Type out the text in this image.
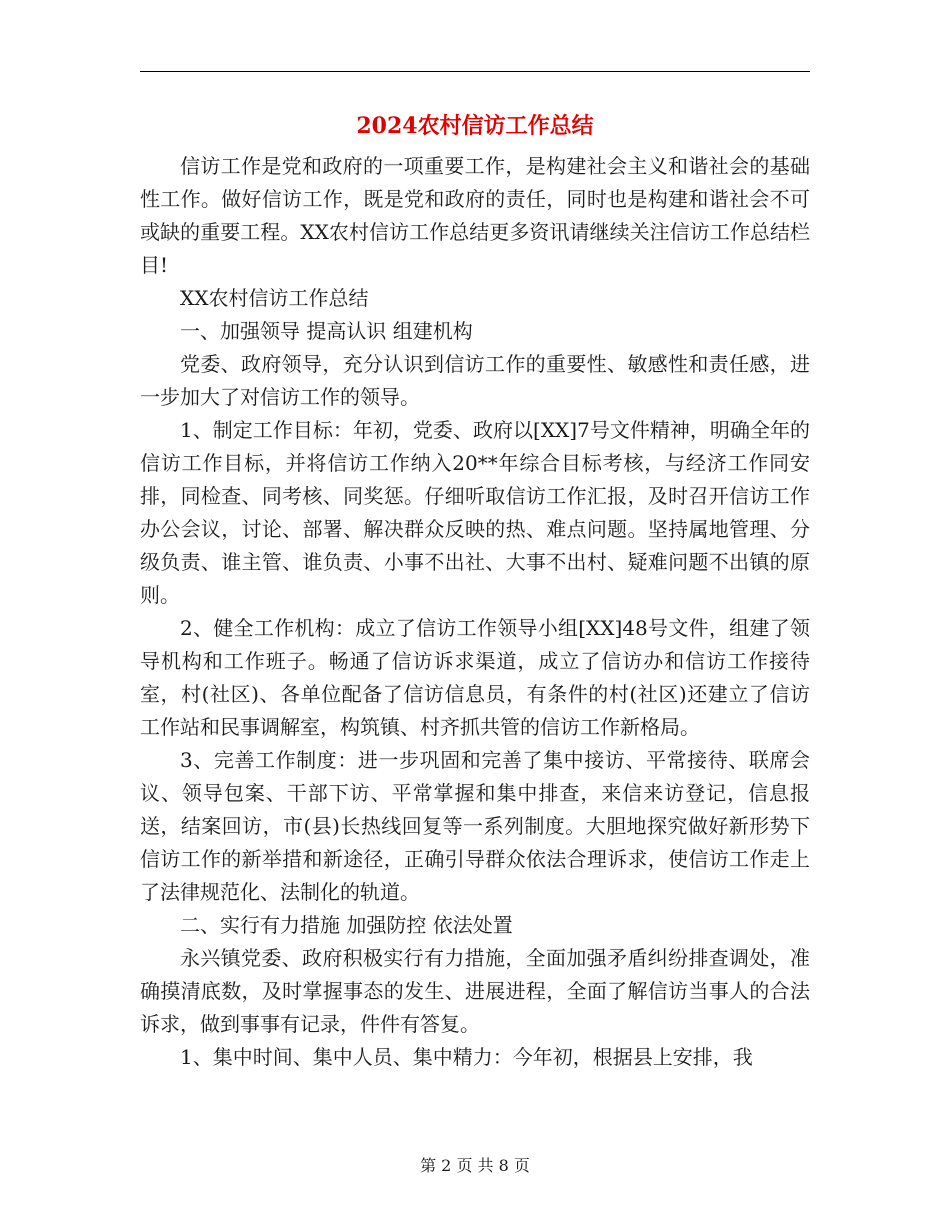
2024农村信访工作总结

信访工作是党和政府的一项重要工作，是构建社会主义和谐社会的基础性工作。做好信访工作，既是党和政府的责任，同时也是构建和谐社会不可或缺的重要工程。XX农村信访工作总结更多资讯请继续关注信访工作总结栏目!

XX农村信访工作总结

一、加强领导 提高认识 组建机构

党委、政府领导，充分认识到信访工作的重要性、敏感性和责任感，进一步加大了对信访工作的领导。

1、制定工作目标：年初，党委、政府以[XX]7号文件精神，明确全年的信访工作目标，并将信访工作纳入20**年综合目标考核，与经济工作同安排，同检查、同考核、同奖惩。仔细听取信访工作汇报，及时召开信访工作办公会议，讨论、部署、解决群众反映的热、难点问题。坚持属地管理、分级负责、谁主管、谁负责、小事不出社、大事不出村、疑难问题不出镇的原则。

2、健全工作机构：成立了信访工作领导小组[XX]48号文件，组建了领导机构和工作班子。畅通了信访诉求渠道，成立了信访办和信访工作接待室，村(社区)、各单位配备了信访信息员，有条件的村(社区)还建立了信访工作站和民事调解室，构筑镇、村齐抓共管的信访工作新格局。

3、完善工作制度：进一步巩固和完善了集中接访、平常接待、联席会议、领导包案、干部下访、平常掌握和集中排查，来信来访登记，信息报送，结案回访，市(县)长热线回复等一系列制度。大胆地探究做好新形势下信访工作的新举措和新途径，正确引导群众依法合理诉求，使信访工作走上了法律规范化、法制化的轨道。

二、实行有力措施 加强防控 依法处置

永兴镇党委、政府积极实行有力措施，全面加强矛盾纠纷排查调处，准确摸清底数，及时掌握事态的发生、进展进程，全面了解信访当事人的合法诉求，做到事事有记录，件件有答复。

1、集中时间、集中人员、集中精力：今年初，根据县上安排，我

第 2 页 共 8 页
